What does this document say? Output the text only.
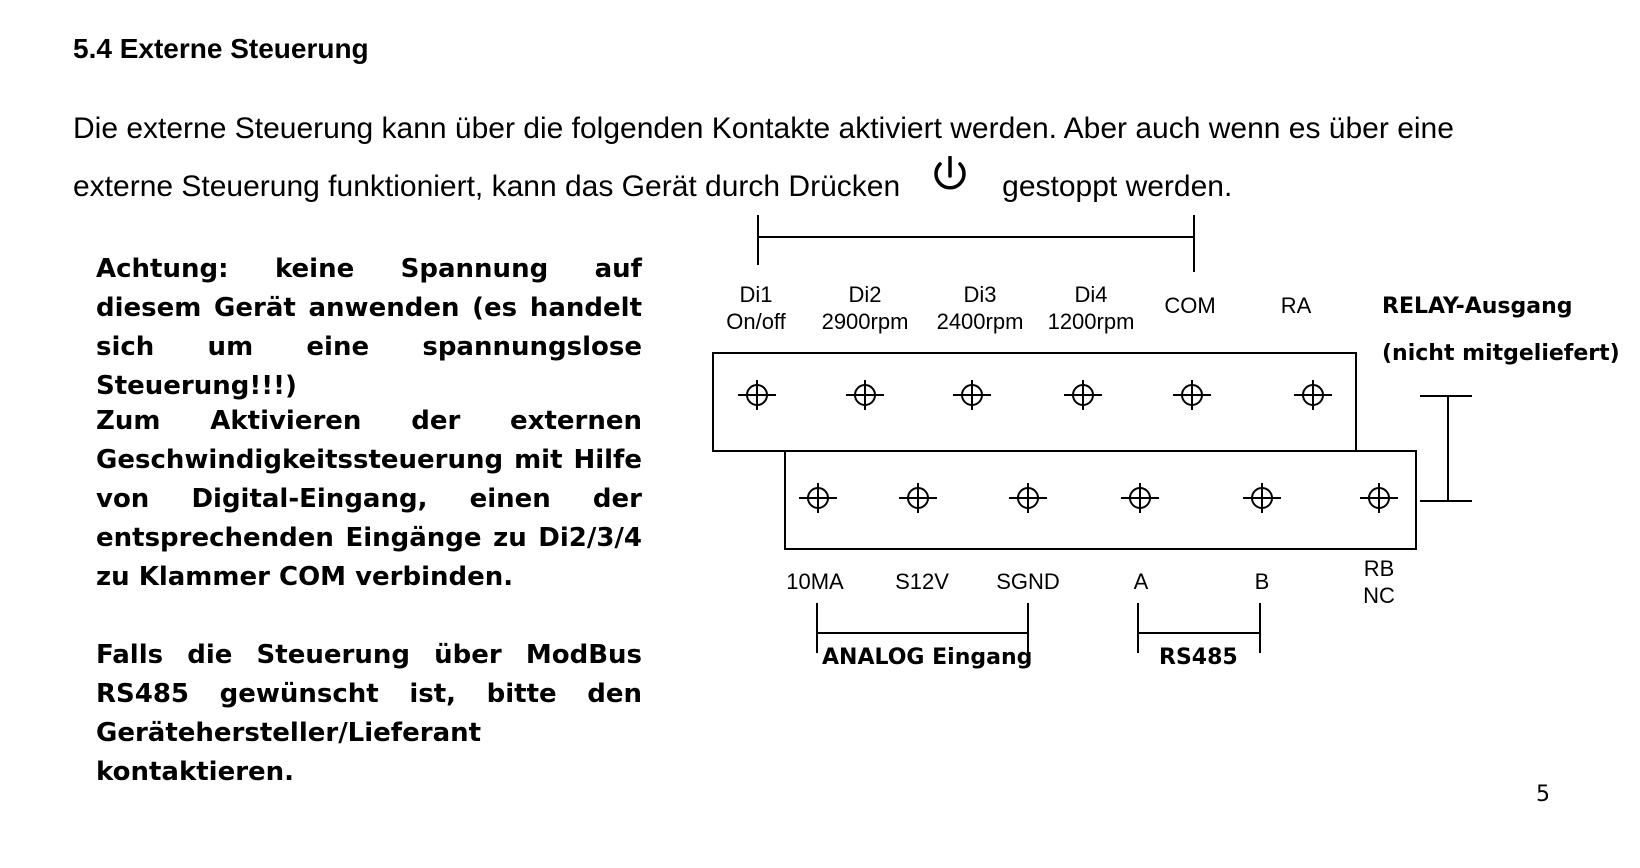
5.4 Externe Steuerung
Die externe Steuerung kann über die folgenden Kontakte aktiviert werden. Aber auch wenn es über eine
externe Steuerung funktioniert, kann das Gerät durch Drücken	gestoppt werden.
Achtung: keine Spannung auf diesem Gerät anwenden (es handelt sich um eine spannungslose Steuerung!!!)
Zum Aktivieren der externen Geschwindigkeitssteuerung mit Hilfe von Digital-Eingang, einen der entsprechenden Eingänge zu Di2/3/4 zu Klammer COM verbinden.
Falls die Steuerung über ModBus RS485 gewünscht ist, bitte den Gerätehersteller/Lieferant kontaktieren.
Di1
On/off
Di2
2900rpm
Di3
2400rpm
Di4
1200rpm
COM	RA
10MA S12V SGND	A	B
RB
NC
RELAY-Ausgang
(nicht mitgeliefert)
ANALOG Eingang	RS485
5
